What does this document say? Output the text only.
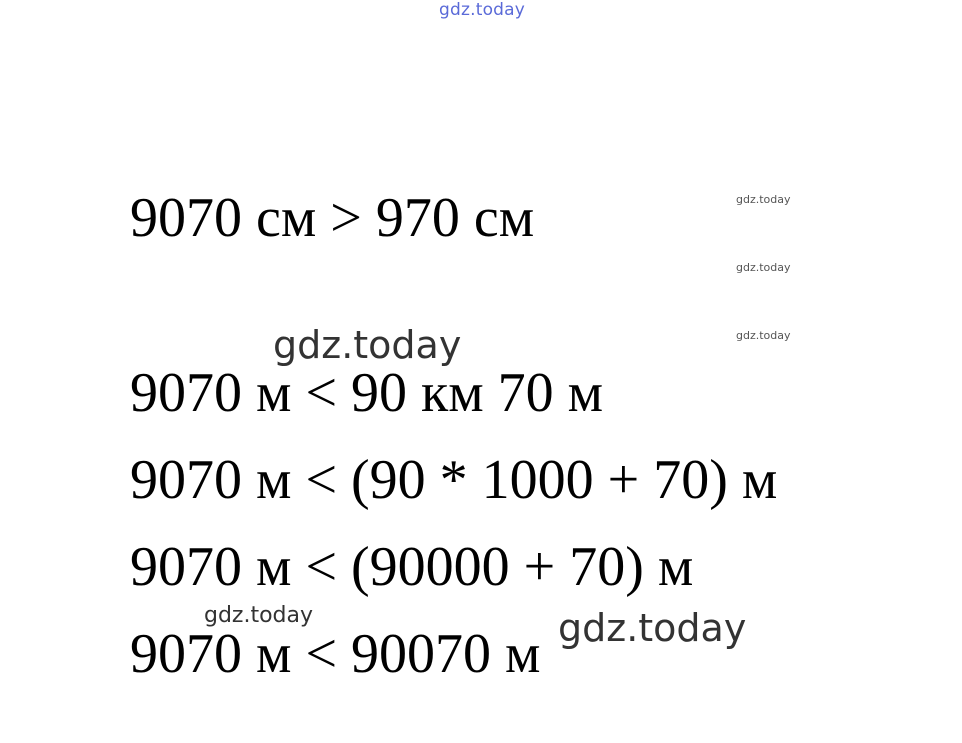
gdz.today
9070 см > 970 см	gdz.today
gdz.today
gdz.today
gdz.today
9070 м < 90 км 70 м
9070 м < (90 * 1000 + 70) м
9070 м < (90000 + 70) м
gdz.today
9070 м < 90070 м gdz.today
